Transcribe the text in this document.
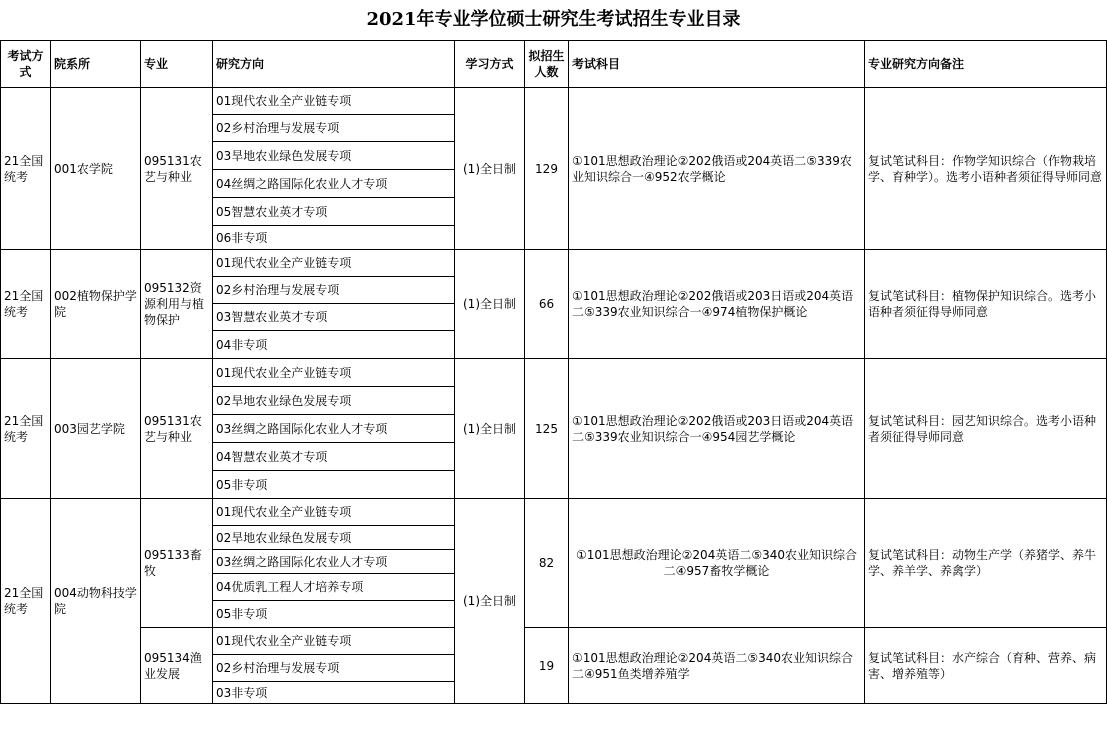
2021年专业学位硕士研究生考试招生专业目录
考试方式	院系所	专业	研究方向	学习方式	拟招生人数	考试科目	专业研究方向备注
21全国统考	001农学院	095131农艺与种业	01现代农业全产业链专项	(1)全日制	129	①101思想政治理论②202俄语或204英语二⑤339农业知识综合一④952农学概论	复试笔试科目：作物学知识综合（作物栽培学、育种学）。选考小语种者须征得导师同意
			02乡村治理与发展专项				
			03旱地农业绿色发展专项				
			04丝绸之路国际化农业人才专项				
			05智慧农业英才专项				
			06非专项				
21全国统考	002植物保护学院	095132资源利用与植物保护	01现代农业全产业链专项	(1)全日制	66	①101思想政治理论②202俄语或203日语或204英语二⑤339农业知识综合一④974植物保护概论	复试笔试科目：植物保护知识综合。选考小语种者须征得导师同意
			02乡村治理与发展专项				
			03智慧农业英才专项				
			04非专项				
21全国统考	003园艺学院	095131农艺与种业	01现代农业全产业链专项	(1)全日制	125	①101思想政治理论②202俄语或203日语或204英语二⑤339农业知识综合一④954园艺学概论	复试笔试科目：园艺知识综合。选考小语种者须征得导师同意
			02旱地农业绿色发展专项				
			03丝绸之路国际化农业人才专项				
			04智慧农业英才专项				
			05非专项				
21全国统考	004动物科技学院	095133畜牧	01现代农业全产业链专项	(1)全日制	82	①101思想政治理论②204英语二⑤340农业知识综合二④957畜牧学概论	复试笔试科目：动物生产学（养猪学、养牛学、养羊学、养禽学）
			02旱地农业绿色发展专项				
			03丝绸之路国际化农业人才专项				
			04优质乳工程人才培养专项				
			05非专项				
		095134渔业发展	01现代农业全产业链专项		19	①101思想政治理论②204英语二⑤340农业知识综合二④951鱼类增养殖学	复试笔试科目：水产综合（育种、营养、病害、增养殖等）
			02乡村治理与发展专项				
			03非专项				
